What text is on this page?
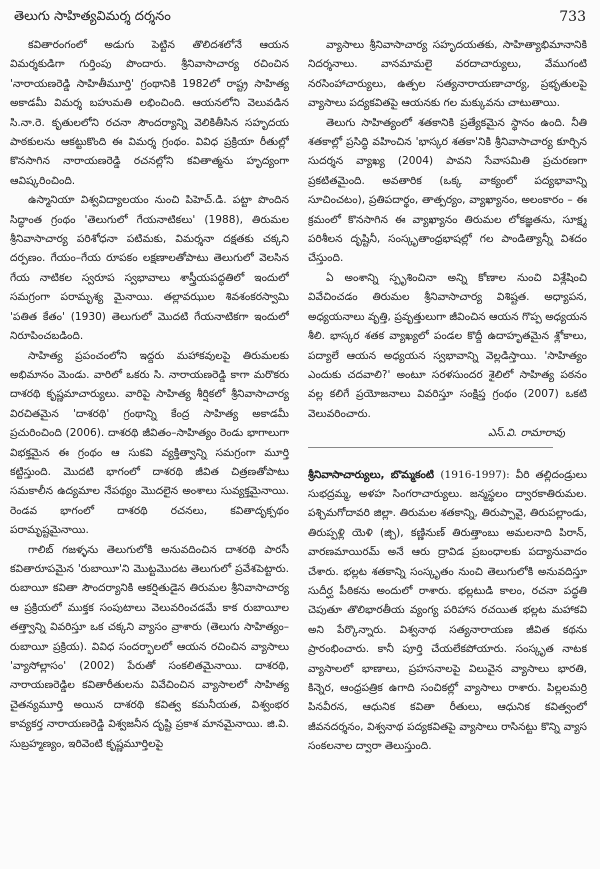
తెలుగు సాహిత్యవిమర్శ దర్శనం	733

కవితారంగంలో అడుగు పెట్టిన తొలిదశలోనే ఆయన విమర్శకుడిగా గుర్తింపు పొందారు. శ్రీనివాసాచార్య రచించిన 'నారాయణరెడ్డి సాహితీమూర్తి' గ్రంథానికి 1982లో రాష్ట్ర సాహిత్య అకాడమీ విమర్శ బహుమతి లభించింది. ఆయనలోని వెలువడిన సి.నా.రె. కృతులలోని రచనా సౌందర్యాన్ని వెలికితీసిన సహృదయ పాఠకులను ఆకట్టుకొంది ఈ విమర్శ గ్రంథం. వివిధ ప్రక్రియా రీతుల్లో కొనసాగిన నారాయణరెడ్డి రచనల్లోని కవితాత్మను హృద్యంగా ఆవిష్కరించింది.

ఉస్మానియా విశ్వవిద్యాలయం నుంచి పిహెచ్.డి. పట్టా పొందిన సిద్ధాంత గ్రంథం 'తెలుగులో గేయనాటికలు' (1988), తిరుమల శ్రీనివాసాచార్య పరిశోధనా పటిమకు, విమర్శనా దక్షతకు చక్కని దర్పణం. గేయం–గేయ రూపకం లక్షణాలతోపాటు తెలుగులో వెలసిన గేయ నాటికల స్వరూప స్వభావాలు శాస్త్రీయపద్ధతిలో ఇందులో సమగ్రంగా పరామృశ్య మైనాయి. తల్లావఝుల శివశంకరస్వామి 'పతిత కేతం' (1930) తెలుగులో మొదటి గేయనాటికగా ఇందులో నిరూపించబడింది.

సాహిత్య ప్రపంచంలోని ఇద్దరు మహాకవులపై తిరుమలకు అభిమానం మెండు. వారిలో ఒకరు సి. నారాయణరెడ్డి కాగా మరొకరు దాశరథి కృష్ణమాచార్యులు. వారిపై సాహిత్య శీర్షికలో శ్రీనివాసాచార్య విరచితమైన 'దాశరథి' గ్రంథాన్ని కేంద్ర సాహిత్య అకాడమీ ప్రచురించింది (2006). దాశరథి జీవితం–సాహిత్యం రెండు భాగాలుగా విభక్తమైన ఈ గ్రంథం ఆ సుకవి వ్యక్తిత్వాన్ని సమగ్రంగా మూర్తి కట్టిస్తుంది. మొదటి భాగంలో దాశరథి జీవిత చిత్రణతోపాటు సమకాలీన ఉద్యమాల నేపథ్యం మొదలైన అంశాలు సువ్యక్తమైనాయి. రెండవ భాగంలో దాశరథి రచనలు, కవితాదృక్పథం పరామృష్టమైనాయి.

గాలిబ్ గజళ్ళను తెలుగులోకి అనువదించిన దాశరథి పారసీ కవితారూపమైన 'రుబాయీ'ని మొట్టమొదట తెలుగులో ప్రవేశపెట్టారు. రుబాయీ కవితా సౌందర్యానికి ఆకర్షితుడైన తిరుమల శ్రీనివాసాచార్య ఆ ప్రక్రియలో ముక్తక సంపుటాలు వెలువరించడమే కాక రుబాయీల తత్త్వాన్ని వివరిస్తూ ఒక చక్కని వ్యాసం వ్రాశారు (తెలుగు సాహిత్యం– రుబాయీ ప్రక్రియ). వివిధ సందర్భాలలో ఆయన రచించిన వ్యాసాలు 'వ్యాసోల్లాసం' (2002) పేరుతో సంకలితమైనాయి. దాశరథి, నారాయణరెడ్డిల కవితారీతులను వివేచించిన వ్యాసాలలో సాహిత్య చైతన్యమూర్తి అయిన దాశరథి కవిత్వ కమనీయత, విశ్వంభర కావ్యకర్త నారాయణరెడ్డి విశ్వజనీన దృష్టి ప్రకాశ మానమైనాయి. జి.వి. సుబ్రహ్మణ్యం, ఇరివెంటి కృష్ణమూర్తిలపై

వ్యాసాలు శ్రీనివాసాచార్య సహృదయతకు, సాహిత్యాభిమానానికి నిదర్శనాలు. వానమామలై వరదాచార్యులు, వేముగంటి నరసింహాచార్యులు, ఉత్పల సత్యనారాయణాచార్య, ప్రభృతులపై వ్యాసాలు పద్యకవితపై ఆయనకు గల మక్కువను చాటుతాయి.

తెలుగు సాహిత్యంలో శతకానికి ప్రత్యేకమైన స్థానం ఉంది. నీతి శతకాల్లో ప్రసిద్ధి వహించిన 'భాస్కర శతకా'నికి శ్రీనివాసాచార్య కూర్చిన సుదర్శన వ్యాఖ్య (2004) పావని సేవాసమితి ప్రచురణగా ప్రకటితమైంది. అవతారిక (ఒక్క వాక్యంలో పద్యభావాన్ని సూచించటం), ప్రతిపదార్థం, తాత్పర్యం, వ్యాఖ్యానం, అలంకారం – ఈ క్రమంలో కొనసాగిన ఈ వ్యాఖ్యానం తిరుమల లోకజ్ఞతను, సూక్ష్మ పరిశీలన దృష్టినీ, సంస్కృతాంధ్రభాషల్లో గల పాండిత్యాన్నీ విశదం చేస్తుంది.

ఏ అంశాన్ని స్పృశించినా అన్ని కోణాల నుంచి విశ్లేషించి వివేచించడం తిరుమల శ్రీనివాసాచార్య విశిష్టత. అధ్యాపన, అధ్యయనాలు వృత్తి, ప్రవృత్తులుగా జీవించిన ఆయన గొప్ప అధ్యయన శీలి. భాస్కర శతక వ్యాఖ్యలో పండల కొద్దీ ఉదాహృతమైన శ్లోకాలు, పద్యాలే ఆయన అధ్యయన స్వభావాన్ని వెల్లడిస్తాయి. 'సాహిత్యం ఎందుకు చదవాలి?' అంటూ సరళసుందర శైలిలో సాహిత్య పఠనం వల్ల కలిగే ప్రయోజనాలు వివరిస్తూ సంక్షిప్త గ్రంథం (2007) ఒకటి వెలువరించారు.

ఎస్.వి. రామారావు

శ్రీనివాసాచార్యులు, బొమ్మకంటి (1916-1997): వీరి తల్లిదండ్రులు సుభద్రమ్మ, అళహ సింగరాచార్యులు. జన్మస్థలం ద్వారకాతిరుమల. పశ్చిమగోదావరి జిల్లా. తిరుమల శతకాన్ని, తిరుప్పావై, తిరుపల్లాండు, తిరుప్పళ్లి యెళి (జ్చి), కణ్ణినుణ్ తిరుత్తాంబు అమలనాది పిరాన్, వారణమాయిరమ్ అనే ఆరు ద్రావిడ ప్రబంధాలకు పద్యానువాదం చేశారు. భల్లట శతకాన్ని సంస్కృతం నుంచి తెలుగులోకి అనువదిస్తూ సుదీర్ఘ పీఠికను అందులో రాశారు. భల్లటుడి కాలం, రచనా పద్ధతి చెపుతూ తొలిభారతీయ వ్యంగ్య పరిహాస రచయిత భల్లట మహాకవి అని పేర్కొన్నారు. విశ్వనాథ సత్యనారాయణ జీవిత కథను ప్రారంభించారు. కానీ పూర్తి చేయలేకపోయారు. సంస్కృత నాటక వ్యాసాలలో భాణాలు, ప్రహసనాలపై విలువైన వ్యాసాలు భారతి, కిన్నెర, ఆంధ్రపత్రిక ఉగాది సంచికల్లో వ్యాసాలు రాశారు. పిల్లలమర్రి పినవీరన, ఆధునిక కవితా రీతులు, ఆధునిక కవిత్వంలో జీవనదర్శనం, విశ్వనాథ పద్యకవితపై వ్యాసాలు రాసినట్టు కొన్ని వ్యాస సంకలనాల ద్వారా తెలుస్తుంది.
